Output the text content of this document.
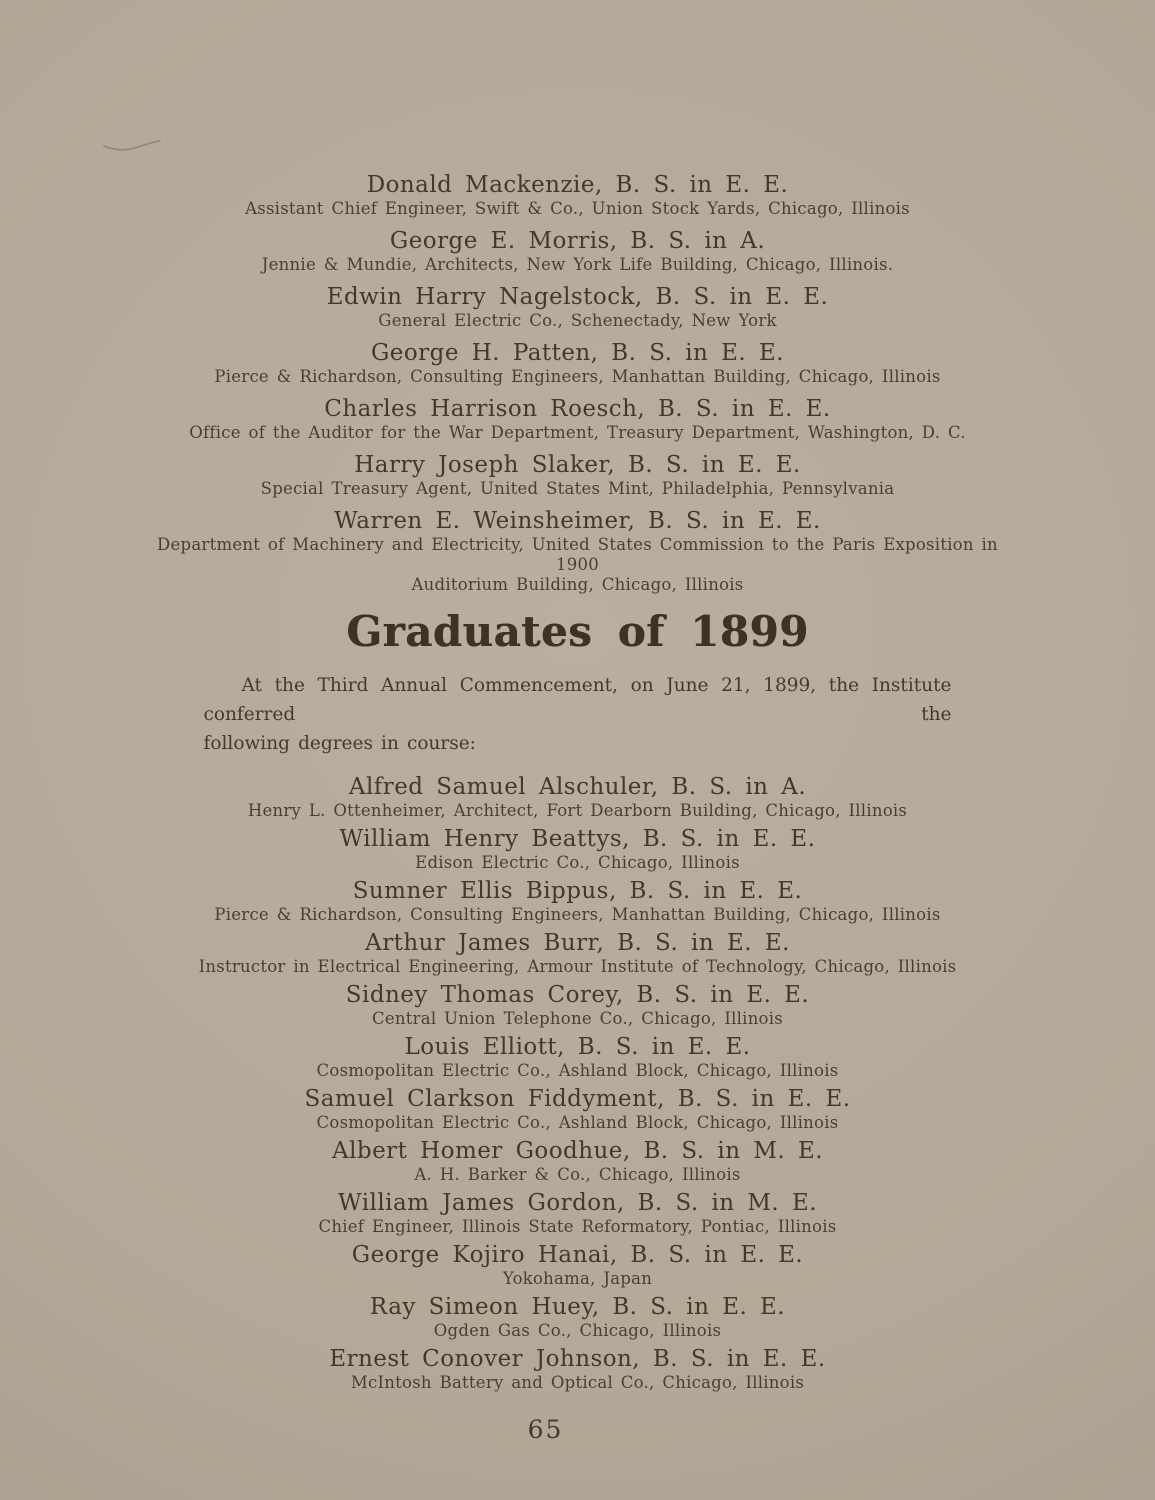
Donald Mackenzie, B. S. in E. E.
Assistant Chief Engineer, Swift & Co., Union Stock Yards, Chicago, Illinois
George E. Morris, B. S. in A.
Jennie & Mundie, Architects, New York Life Building, Chicago, Illinois.
Edwin Harry Nagelstock, B. S. in E. E.
General Electric Co., Schenectady, New York
George H. Patten, B. S. in E. E.
Pierce & Richardson, Consulting Engineers, Manhattan Building, Chicago, Illinois
Charles Harrison Roesch, B. S. in E. E.
Office of the Auditor for the War Department, Treasury Department, Washington, D. C.
Harry Joseph Slaker, B. S. in E. E.
Special Treasury Agent, United States Mint, Philadelphia, Pennsylvania
Warren E. Weinsheimer, B. S. in E. E.
Department of Machinery and Electricity, United States Commission to the Paris Exposition in 1900
Auditorium Building, Chicago, Illinois
Graduates of 1899
At the Third Annual Commencement, on June 21, 1899, the Institute conferred the
following degrees in course:
Alfred Samuel Alschuler, B. S. in A.
Henry L. Ottenheimer, Architect, Fort Dearborn Building, Chicago, Illinois
William Henry Beattys, B. S. in E. E.
Edison Electric Co., Chicago, Illinois
Sumner Ellis Bippus, B. S. in E. E.
Pierce & Richardson, Consulting Engineers, Manhattan Building, Chicago, Illinois
Arthur James Burr, B. S. in E. E.
Instructor in Electrical Engineering, Armour Institute of Technology, Chicago, Illinois
Sidney Thomas Corey, B. S. in E. E.
Central Union Telephone Co., Chicago, Illinois
Louis Elliott, B. S. in E. E.
Cosmopolitan Electric Co., Ashland Block, Chicago, Illinois
Samuel Clarkson Fiddyment, B. S. in E. E.
Cosmopolitan Electric Co., Ashland Block, Chicago, Illinois
Albert Homer Goodhue, B. S. in M. E.
A. H. Barker & Co., Chicago, Illinois
William James Gordon, B. S. in M. E.
Chief Engineer, Illinois State Reformatory, Pontiac, Illinois
George Kojiro Hanai, B. S. in E. E.
Yokohama, Japan
Ray Simeon Huey, B. S. in E. E.
Ogden Gas Co., Chicago, Illinois
Ernest Conover Johnson, B. S. in E. E.
McIntosh Battery and Optical Co., Chicago, Illinois
65
